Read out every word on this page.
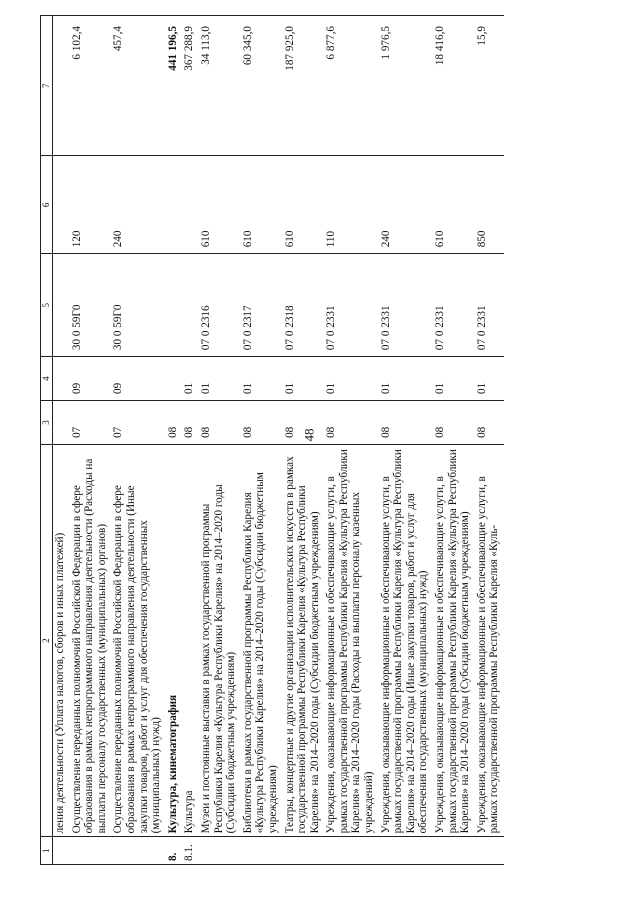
48
1	2	3	4	5	6	7
	ления деятельности (Уплата налогов, сборов и иных платежей)					
	Осуществление переданных полномочий Российской Федерации в сфере образования в рамках непрограммного направления деятельности (Расходы на выплаты персоналу государственных (муниципальных) органов)	07	09	30 0 59Г0	120	6 102,4
	Осуществление переданных полномочий Российской Федерации в сфере образования в рамках непрограммного направления деятельности (Иные закупки товаров, работ и услуг для обеспечения государственных (муниципальных) нужд)	07	09	30 0 59Г0	240	457,4
8.	Культура, кинематография	08				441 196,5
8.1.	Культура	08	01			367 288,9
	Музеи и постоянные выставки в рамках государственной программы Республики Карелия «Культура Республики Карелия» на 2014–2020 годы (Субсидии бюджетным учреждениям)	08	01	07 0 2316	610	34 113,0
	Библиотеки в рамках государственной программы Республики Карелия «Культура Республики Карелия» на 2014–2020 годы (Субсидии бюджетным учреждениям)	08	01	07 0 2317	610	60 345,0
	Театры, концертные и другие организации исполнительских искусств в рамках государственной программы Республики Карелия «Культура Республики Карелия» на 2014–2020 годы (Субсидии бюджетным учреждениям)	08	01	07 0 2318	610	187 925,0
	Учреждения, оказывающие информационные и обеспечивающие услуги, в рамках государственной программы Республики Карелия «Культура Республики Карелия» на 2014–2020 годы (Расходы на выплаты персоналу казенных учреждений)	08	01	07 0 2331	110	6 877,6
	Учреждения, оказывающие информационные и обеспечивающие услуги, в рамках государственной программы Республики Карелия «Культура Республики Карелия» на 2014–2020 годы (Иные закупки товаров, работ и услуг для обеспечения государственных (муниципальных) нужд)	08	01	07 0 2331	240	1 976,5
	Учреждения, оказывающие информационные и обеспечивающие услуги, в рамках государственной программы Республики Карелия «Культура Республики Карелия» на 2014–2020 годы (Субсидии бюджетным учреждениям)	08	01	07 0 2331	610	18 416,0
	Учреждения, оказывающие информационные и обеспечивающие услуги, в рамках государственной программы Республики Карелия «Куль-	08	01	07 0 2331	850	15,9
